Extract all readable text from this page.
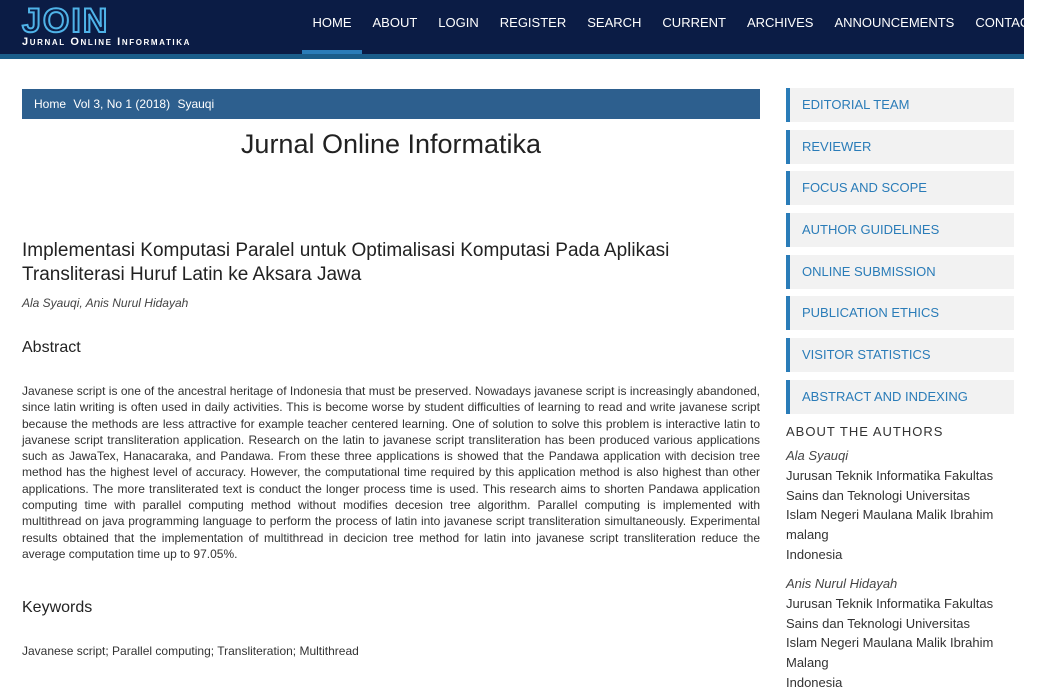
JOIN
Jurnal Online Informatika
HOME	ABOUT	LOGIN	REGISTER	SEARCH	CURRENT	ARCHIVES	ANNOUNCEMENTS	CONTACTS
Home Vol 3, No 1 (2018) Syauqi
Jurnal Online Informatika
Implementasi Komputasi Paralel untuk Optimalisasi Komputasi Pada Aplikasi Transliterasi Huruf Latin ke Aksara Jawa
Ala Syauqi, Anis Nurul Hidayah
Abstract

Javanese script is one of the ancestral heritage of Indonesia that must be preserved. Nowadays javanese script is increasingly abandoned, since latin writing is often used in daily activities. This is become worse by student difficulties of learning to read and write javanese script because the methods are less attractive for example teacher centered learning. One of solution to solve this problem is interactive latin to javanese script transliteration application. Research on the latin to javanese script transliteration has been produced various applications such as JawaTex, Hanacaraka, and Pandawa. From these three applications is showed that the Pandawa application with decision tree method has the highest level of accuracy. However, the computational time required by this application method is also highest than other applications. The more transliterated text is conduct the longer process time is used. This research aims to shorten Pandawa application computing time with parallel computing method without modifies decesion tree algorithm. Parallel computing is implemented with multithread on java programming language to perform the process of latin into javanese script transliteration simultaneously. Experimental results obtained that the implementation of multithread in decicion tree method for latin into javanese script transliteration reduce the average computation time up to 97.05%.

Keywords
Javanese script; Parallel computing; Transliteration; Multithread
EDITORIAL TEAM
REVIEWER
FOCUS AND SCOPE
AUTHOR GUIDELINES
ONLINE SUBMISSION
PUBLICATION ETHICS
VISITOR STATISTICS
ABSTRACT AND INDEXING
ABOUT THE AUTHORS
Ala Syauqi
Jurusan Teknik Informatika Fakultas
Sains dan Teknologi Universitas
Islam Negeri Maulana Malik Ibrahim
malang
Indonesia
Anis Nurul Hidayah
Jurusan Teknik Informatika Fakultas
Sains dan Teknologi Universitas
Islam Negeri Maulana Malik Ibrahim
Malang
Indonesia
